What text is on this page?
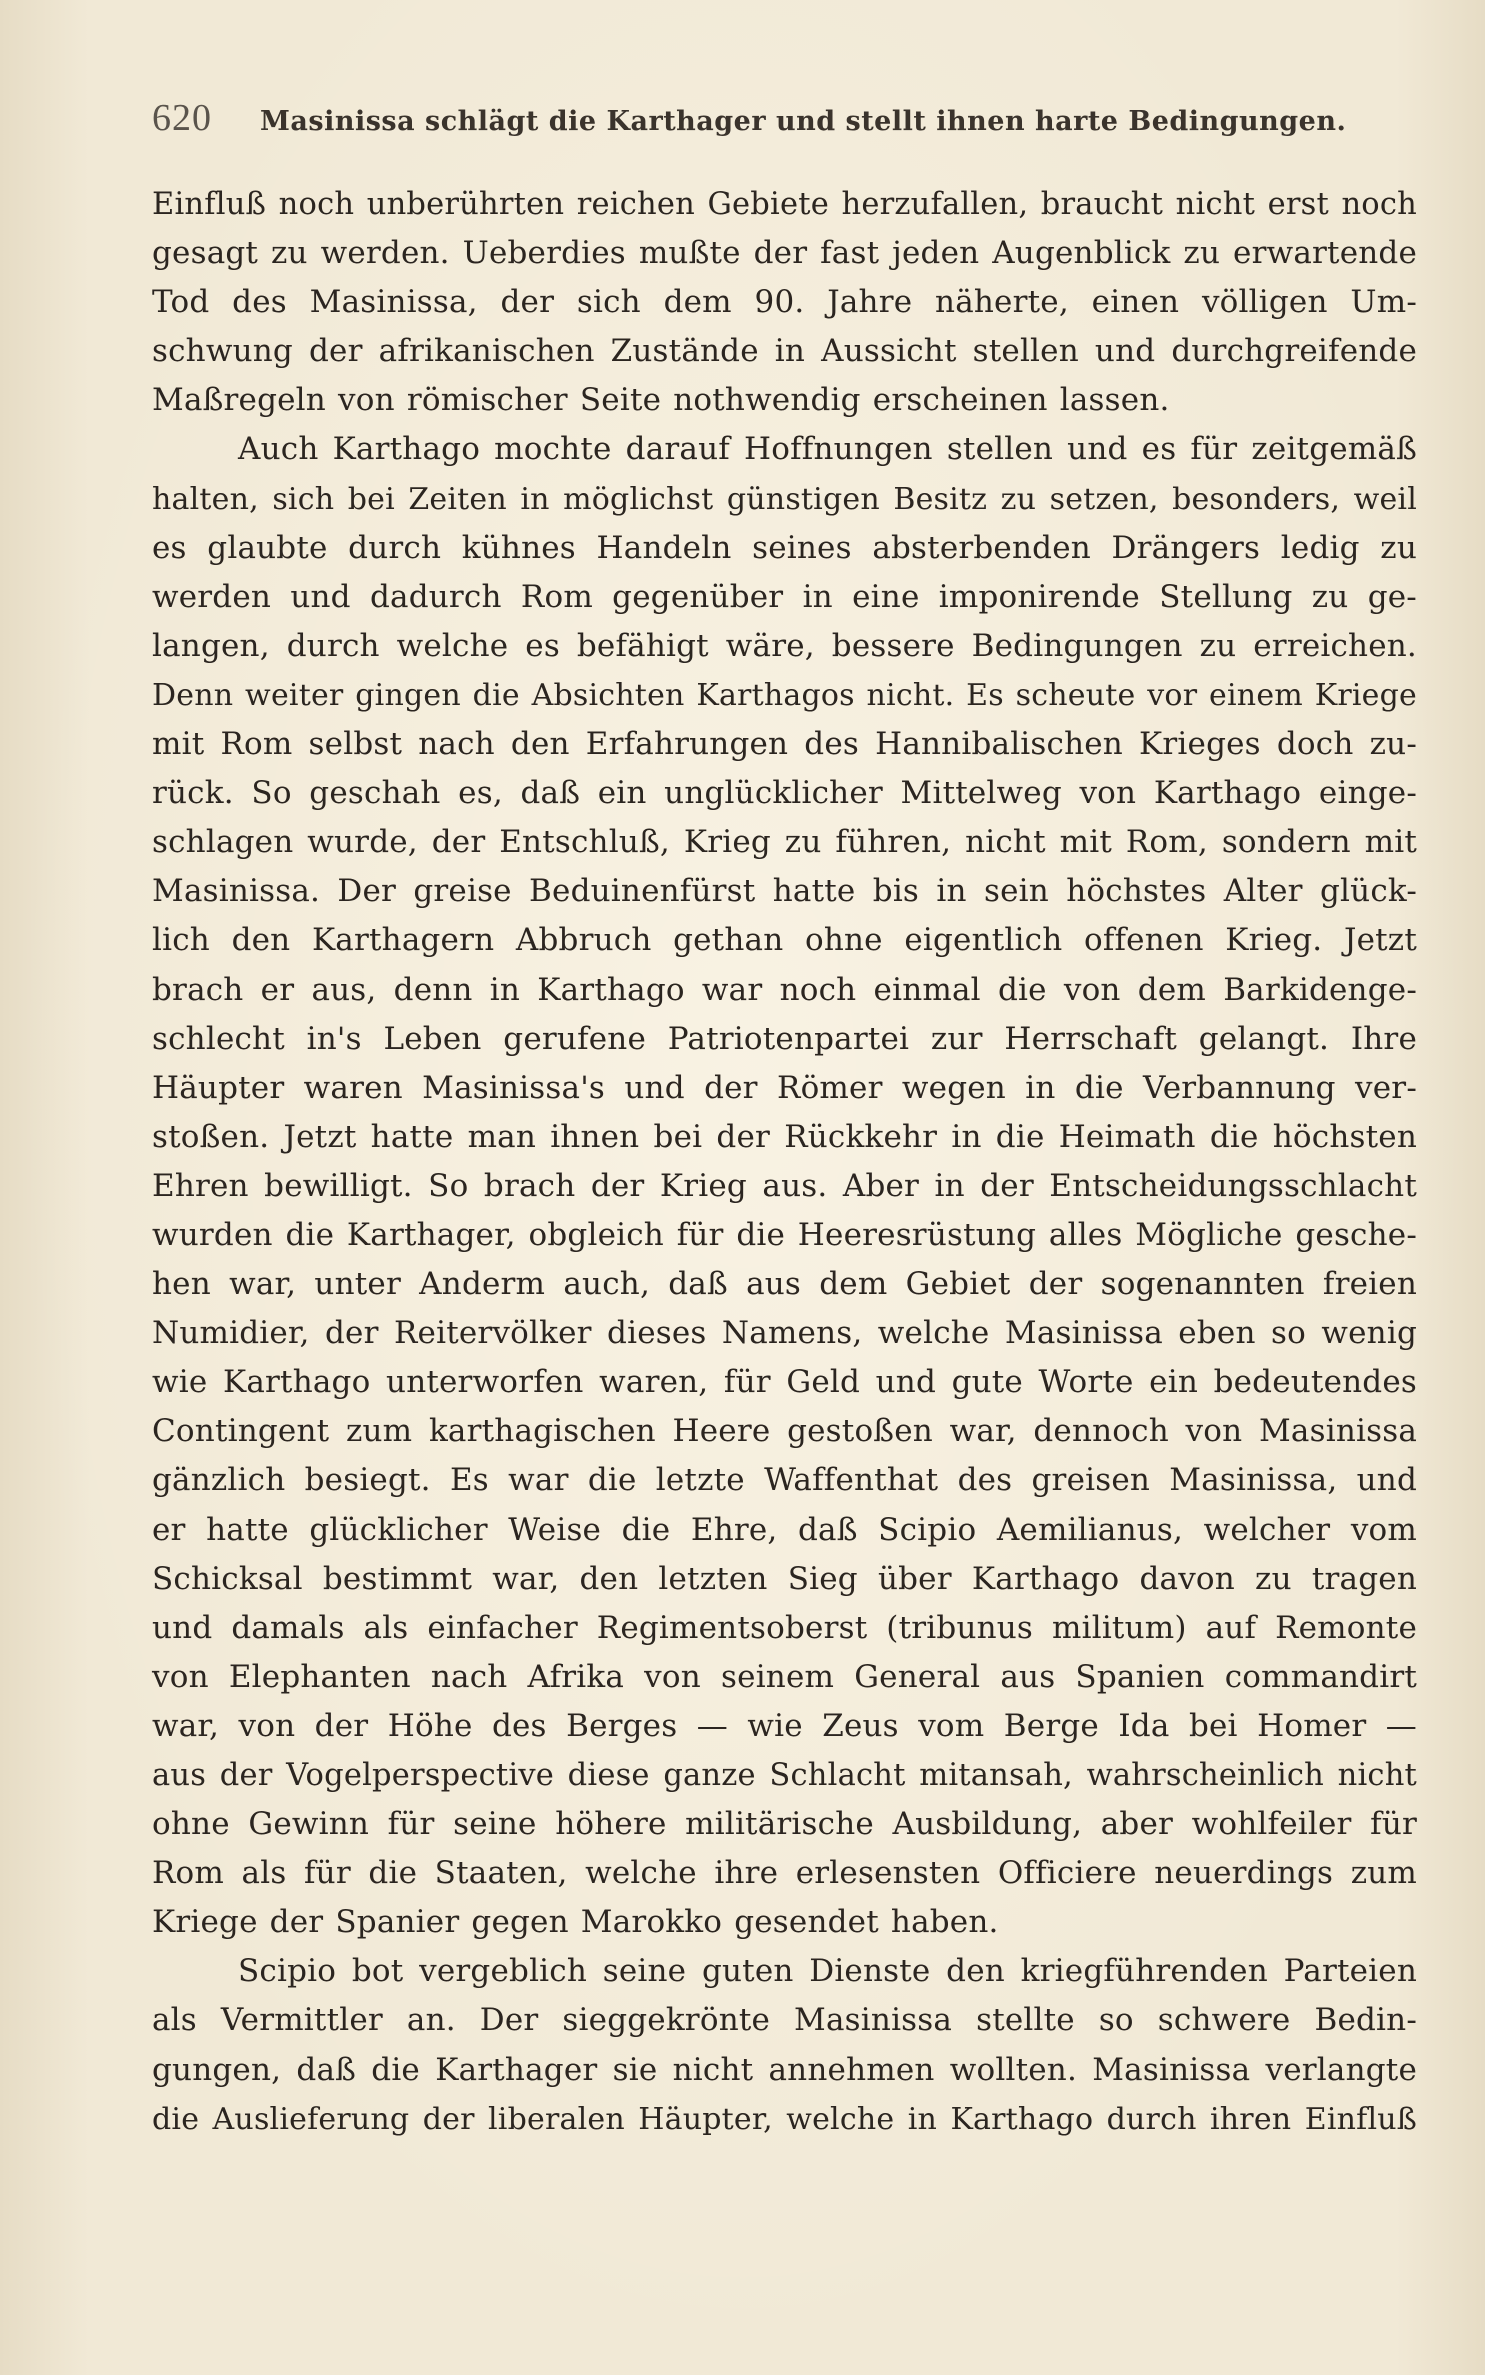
620 Masinissa schlägt die Karthager und stellt ihnen harte Bedingungen.
Einfluß noch unberührten reichen Gebiete herzufallen, braucht nicht erst noch
gesagt zu werden. Ueberdies mußte der fast jeden Augenblick zu erwartende
Tod des Masinissa, der sich dem 90. Jahre näherte, einen völligen Um-
schwung der afrikanischen Zustände in Aussicht stellen und durchgreifende
Maßregeln von römischer Seite nothwendig erscheinen lassen.
Auch Karthago mochte darauf Hoffnungen stellen und es für zeitgemäß
halten, sich bei Zeiten in möglichst günstigen Besitz zu setzen, besonders, weil
es glaubte durch kühnes Handeln seines absterbenden Drängers ledig zu
werden und dadurch Rom gegenüber in eine imponirende Stellung zu ge-
langen, durch welche es befähigt wäre, bessere Bedingungen zu erreichen.
Denn weiter gingen die Absichten Karthagos nicht. Es scheute vor einem Kriege
mit Rom selbst nach den Erfahrungen des Hannibalischen Krieges doch zu-
rück. So geschah es, daß ein unglücklicher Mittelweg von Karthago einge-
schlagen wurde, der Entschluß, Krieg zu führen, nicht mit Rom, sondern mit
Masinissa. Der greise Beduinenfürst hatte bis in sein höchstes Alter glück-
lich den Karthagern Abbruch gethan ohne eigentlich offenen Krieg. Jetzt
brach er aus, denn in Karthago war noch einmal die von dem Barkidenge-
schlecht in's Leben gerufene Patriotenpartei zur Herrschaft gelangt. Ihre
Häupter waren Masinissa's und der Römer wegen in die Verbannung ver-
stoßen. Jetzt hatte man ihnen bei der Rückkehr in die Heimath die höchsten
Ehren bewilligt. So brach der Krieg aus. Aber in der Entscheidungsschlacht
wurden die Karthager, obgleich für die Heeresrüstung alles Mögliche gesche-
hen war, unter Anderm auch, daß aus dem Gebiet der sogenannten freien
Numidier, der Reitervölker dieses Namens, welche Masinissa eben so wenig
wie Karthago unterworfen waren, für Geld und gute Worte ein bedeutendes
Contingent zum karthagischen Heere gestoßen war, dennoch von Masinissa
gänzlich besiegt. Es war die letzte Waffenthat des greisen Masinissa, und
er hatte glücklicher Weise die Ehre, daß Scipio Aemilianus, welcher vom
Schicksal bestimmt war, den letzten Sieg über Karthago davon zu tragen
und damals als einfacher Regimentsoberst (tribunus militum) auf Remonte
von Elephanten nach Afrika von seinem General aus Spanien commandirt
war, von der Höhe des Berges — wie Zeus vom Berge Ida bei Homer —
aus der Vogelperspective diese ganze Schlacht mitansah, wahrscheinlich nicht
ohne Gewinn für seine höhere militärische Ausbildung, aber wohlfeiler für
Rom als für die Staaten, welche ihre erlesensten Officiere neuerdings zum
Kriege der Spanier gegen Marokko gesendet haben.
Scipio bot vergeblich seine guten Dienste den kriegführenden Parteien
als Vermittler an. Der sieggekrönte Masinissa stellte so schwere Bedin-
gungen, daß die Karthager sie nicht annehmen wollten. Masinissa verlangte
die Auslieferung der liberalen Häupter, welche in Karthago durch ihren Einfluß
